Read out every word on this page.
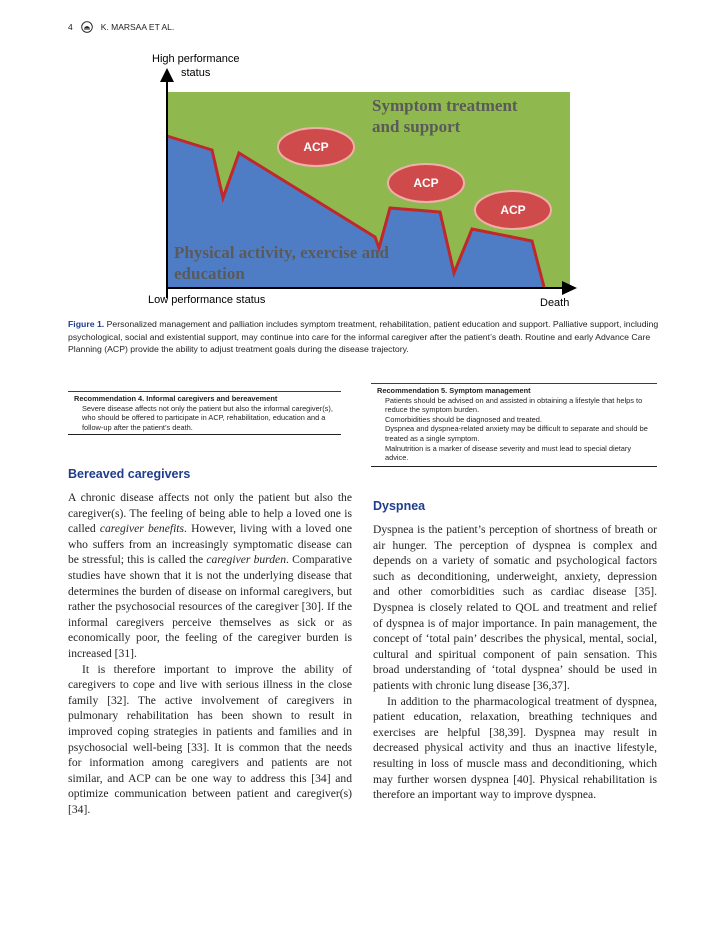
4	K. MARSAA ET AL.
High performance
status
Low performance status	Death
Symptom treatment
and support
Physical activity, exercise and
education
ACP
ACP
ACP
Figure 1. Personalized management and palliation includes symptom treatment, rehabilitation, patient education and support. Palliative support, including psychological, social and existential support, may continue into care for the informal caregiver after the patient’s death. Routine and early Advance Care Planning (ACP) provide the ability to adjust treatment goals during the disease trajectory.
Recommendation 4. Informal caregivers and bereavement
Severe disease affects not only the patient but also the informal caregiver(s), who should be offered to participate in ACP, rehabilitation, education and a follow-up after the patient’s death.
Recommendation 5. Symptom management
Patients should be advised on and assisted in obtaining a lifestyle that helps to reduce the symptom burden.
Comorbidities should be diagnosed and treated.
Dyspnea and dyspnea-related anxiety may be difficult to separate and should be treated as a single symptom.
Malnutrition is a marker of disease severity and must lead to special dietary advice.
Bereaved caregivers

A chronic disease affects not only the patient but also the caregiver(s). The feeling of being able to help a loved one is called caregiver benefits. However, living with a loved one who suffers from an increasingly symptomatic disease can be stressful; this is called the caregiver burden. Comparative studies have shown that it is not the underlying disease that determines the burden of disease on informal caregivers, but rather the psychosocial resources of the caregiver [30]. If the informal caregivers perceive themselves as sick or as economically poor, the feeling of the caregiver burden is increased [31].

It is therefore important to improve the ability of caregivers to cope and live with serious illness in the close family [32]. The active involvement of caregivers in pulmonary rehabilitation has been shown to result in improved coping strategies in patients and families and in psychosocial well-being [33]. It is common that the needs for information among caregivers and patients are not similar, and ACP can be one way to address this [34] and optimize communication between patient and caregiver(s) [34].

Dyspnea

Dyspnea is the patient’s perception of shortness of breath or air hunger. The perception of dyspnea is complex and depends on a variety of somatic and psychological factors such as deconditioning, underweight, anxiety, depression and other comorbidities such as cardiac disease [35]. Dyspnea is closely related to QOL and treatment and relief of dyspnea is of major importance. In pain management, the concept of ‘total pain’ describes the physical, mental, social, cultural and spiritual component of pain sensation. This broad understanding of ‘total dyspnea’ should be used in patients with chronic lung disease [36,37].

In addition to the pharmacological treatment of dyspnea, patient education, relaxation, breathing techniques and exercises are helpful [38,39]. Dyspnea may result in decreased physical activity and thus an inactive lifestyle, resulting in loss of muscle mass and deconditioning, which may further worsen dyspnea [40]. Physical rehabilitation is therefore an important way to improve dyspnea.
